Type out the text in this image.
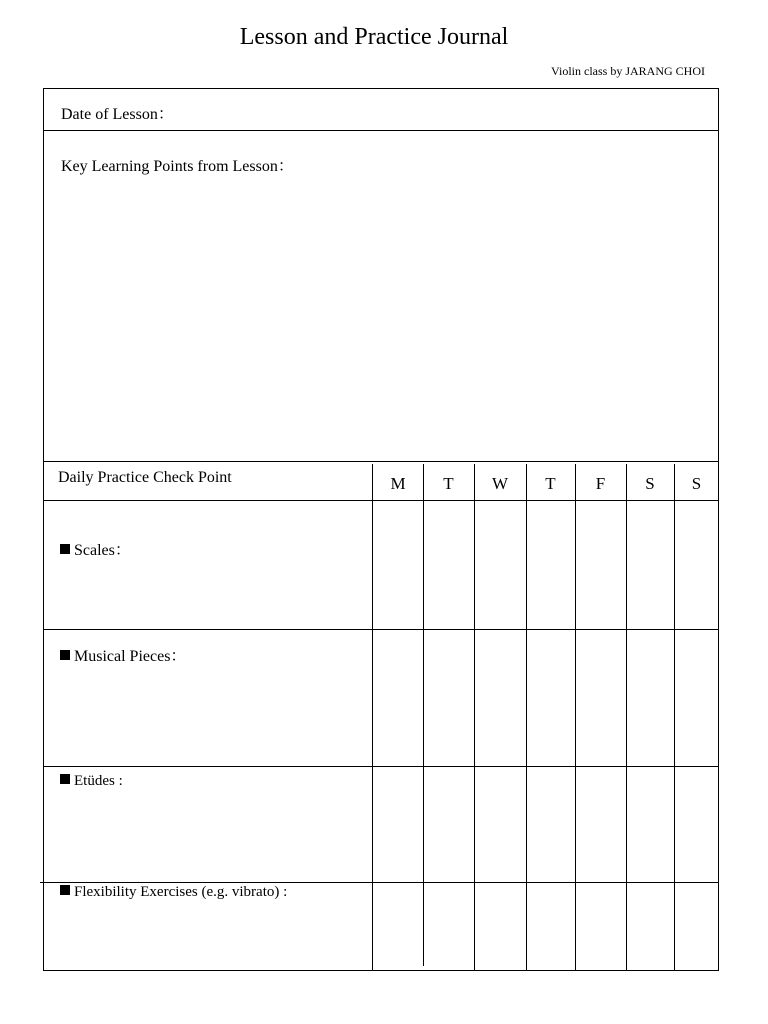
Lesson and Practice Journal
Violin class by JARANG CHOI
Date of Lesson：
Key Learning Points from Lesson：
Daily Practice Check Point	M	T	W	T	F	S	S
Scales：
Musical Pieces：
Etüdes :
Flexibility Exercises (e.g. vibrato) :
